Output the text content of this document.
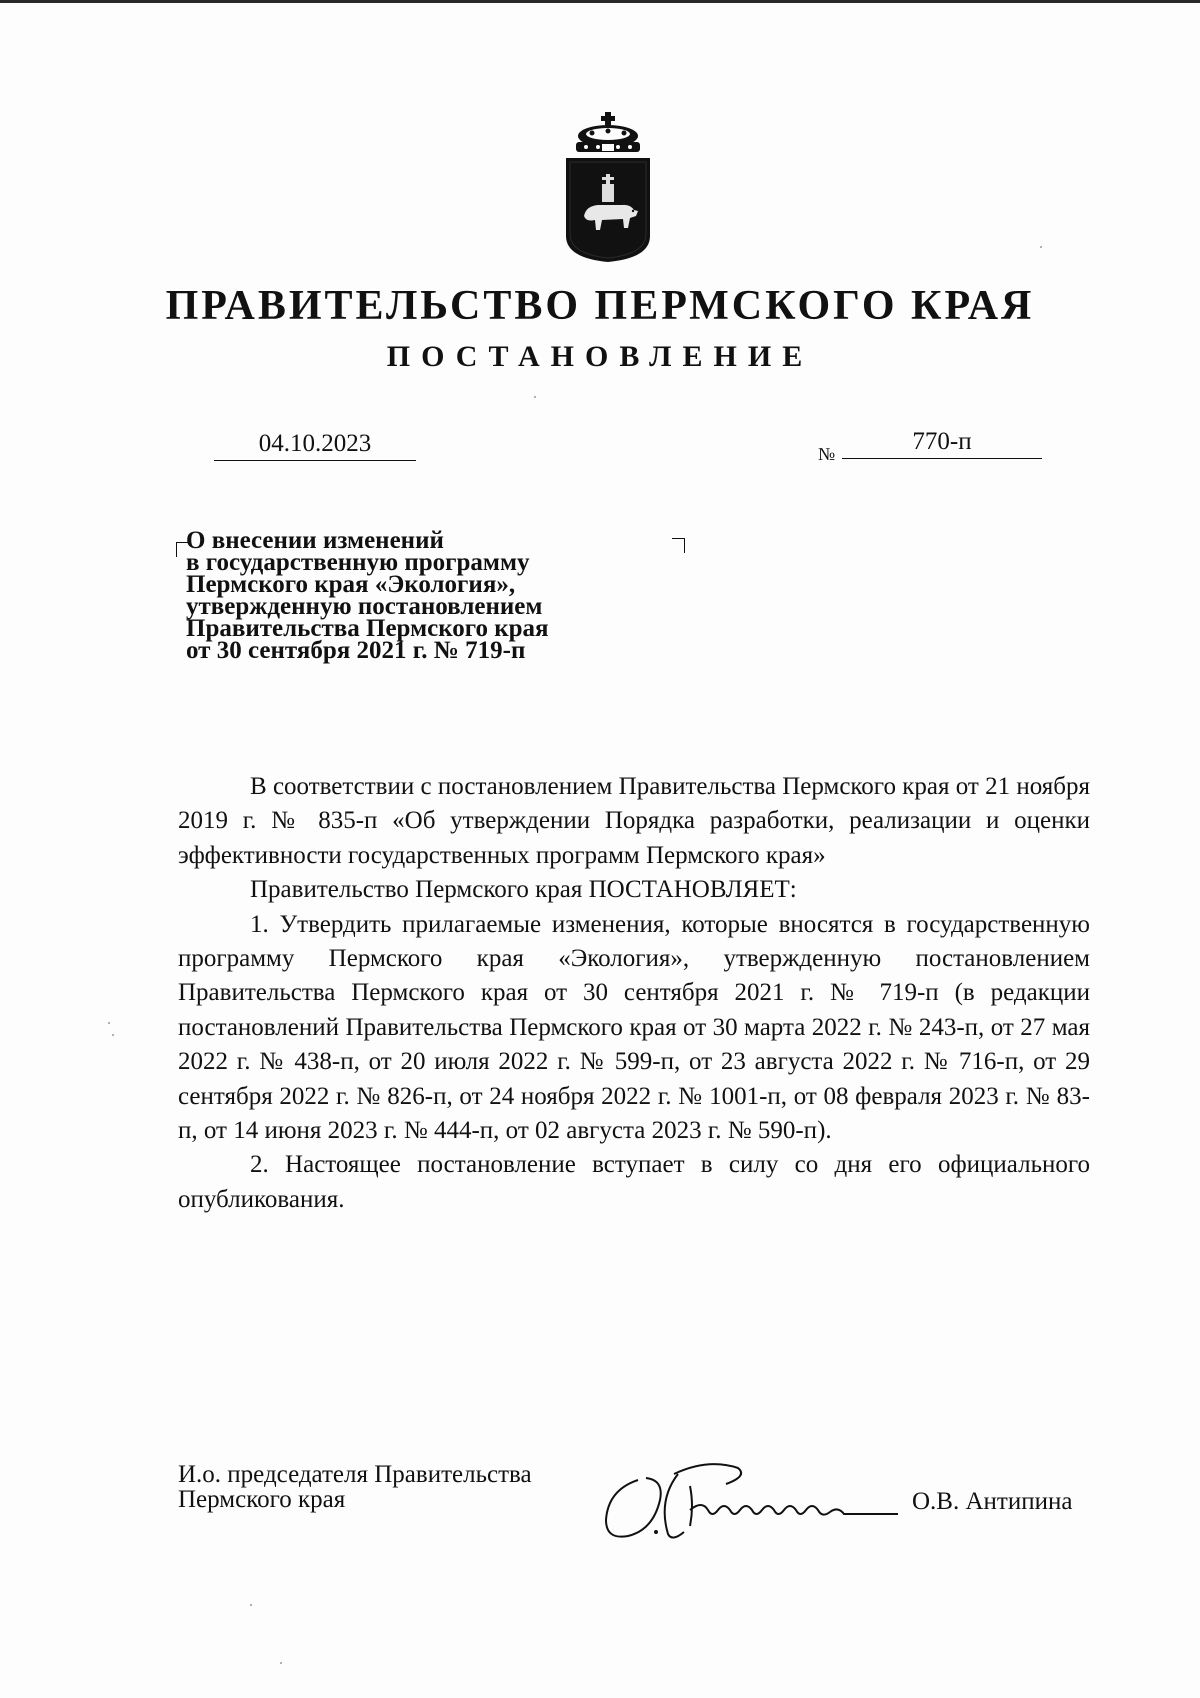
ПРАВИТЕЛЬСТВО ПЕРМСКОГО КРАЯ
ПОСТАНОВЛЕНИЕ
04.10.2023	№	770-п
О внесении изменений
в государственную программу
Пермского края «Экология»,
утвержденную постановлением
Правительства Пермского края
от 30 сентября 2021 г. № 719-п

В соответствии с постановлением Правительства Пермского края от 21 ноября 2019 г. № 835-п «Об утверждении Порядка разработки, реализации и оценки эффективности государственных программ Пермского края»

Правительство Пермского края ПОСТАНОВЛЯЕТ:

1. Утвердить прилагаемые изменения, которые вносятся в государственную программу Пермского края «Экология», утвержденную постановлением Правительства Пермского края от 30 сентября 2021 г. № 719-п (в редакции постановлений Правительства Пермского края от 30 марта 2022 г. № 243-п, от 27 мая 2022 г. № 438-п, от 20 июля 2022 г. № 599-п, от 23 августа 2022 г. № 716-п, от 29 сентября 2022 г. № 826-п, от 24 ноября 2022 г. № 1001-п, от 08 февраля 2023 г. № 83-п, от 14 июня 2023 г. № 444-п, от 02 августа 2023 г. № 590-п).

2. Настоящее постановление вступает в силу со дня его официального опубликования.

И.о. председателя Правительства
Пермского края	О.В. Антипина
